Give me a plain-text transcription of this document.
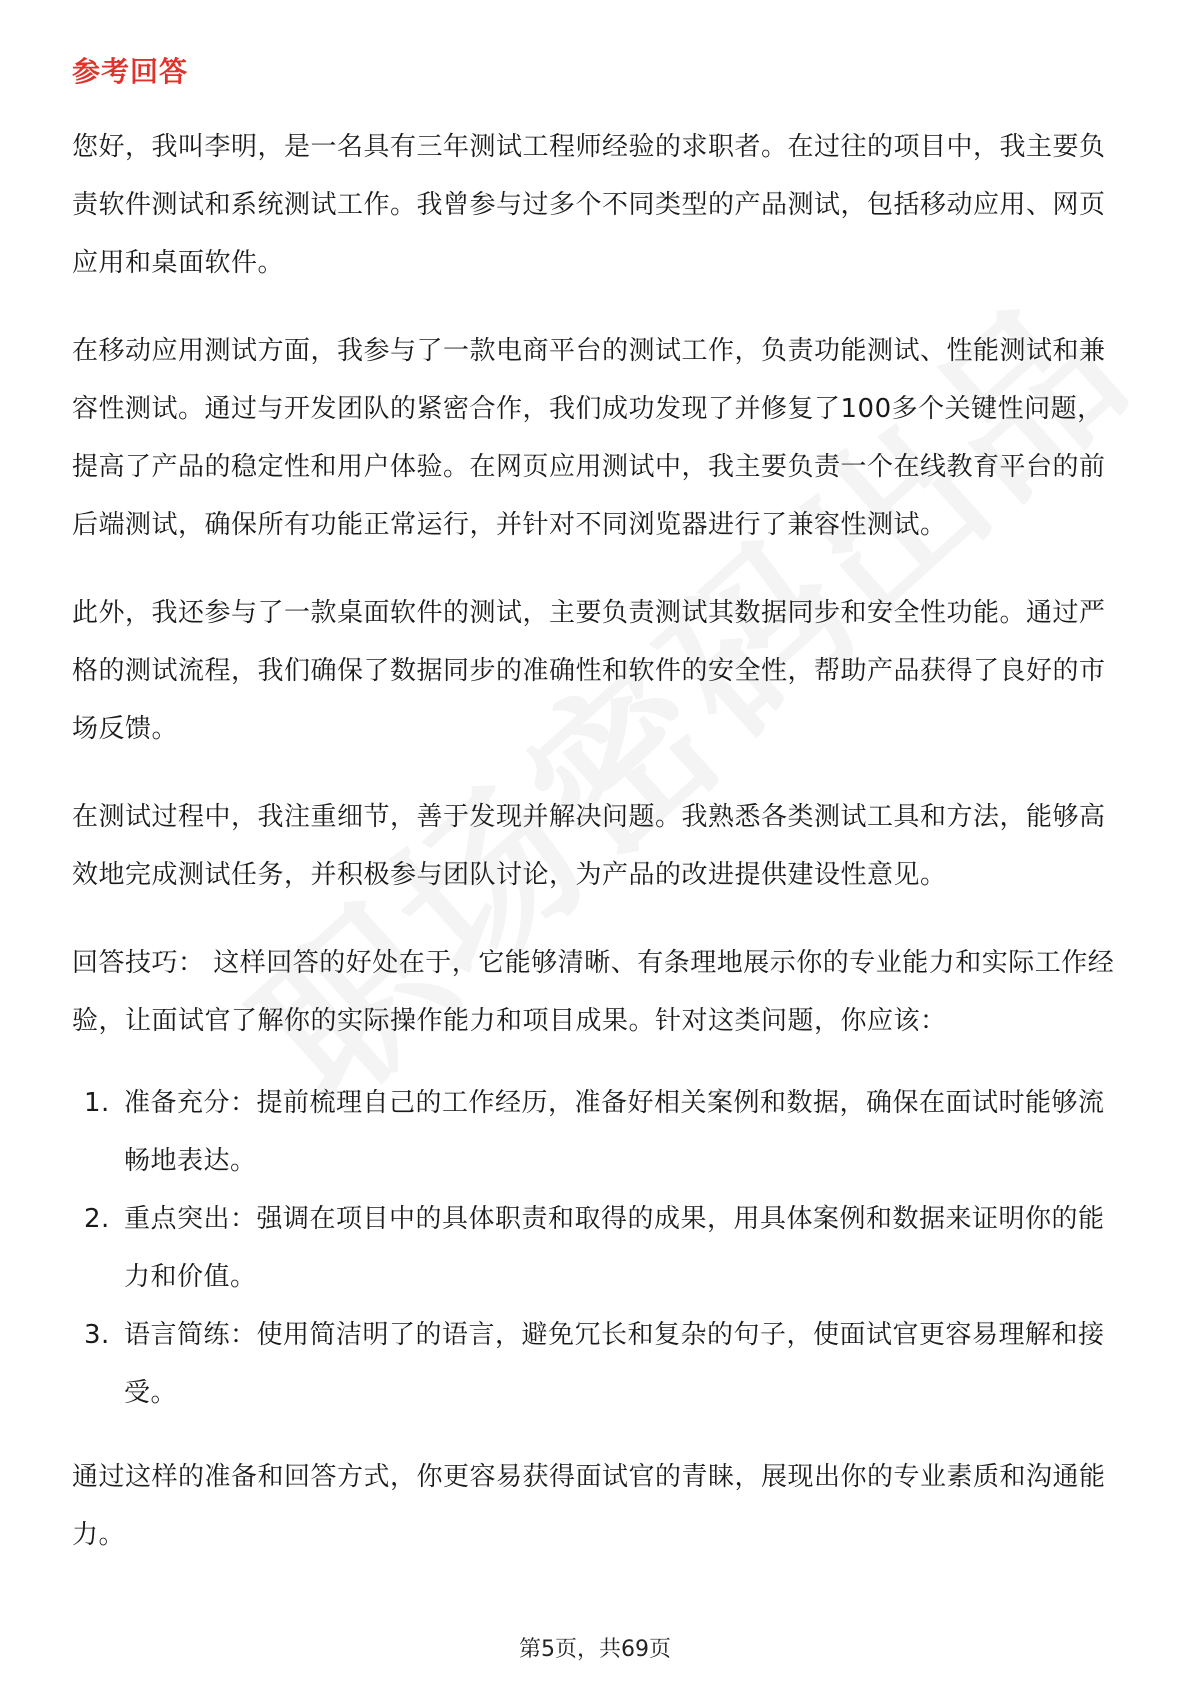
参考回答

您好，我叫李明，是一名具有三年测试工程师经验的求职者。在过往的项目中，我主要负责软件测试和系统测试工作。我曾参与过多个不同类型的产品测试，包括移动应用、网页应用和桌面软件。

在移动应用测试方面，我参与了一款电商平台的测试工作，负责功能测试、性能测试和兼容性测试。通过与开发团队的紧密合作，我们成功发现了并修复了100多个关键性问题，提高了产品的稳定性和用户体验。在网页应用测试中，我主要负责一个在线教育平台的前后端测试，确保所有功能正常运行，并针对不同浏览器进行了兼容性测试。

此外，我还参与了一款桌面软件的测试，主要负责测试其数据同步和安全性功能。通过严格的测试流程，我们确保了数据同步的准确性和软件的安全性，帮助产品获得了良好的市场反馈。

在测试过程中，我注重细节，善于发现并解决问题。我熟悉各类测试工具和方法，能够高效地完成测试任务，并积极参与团队讨论，为产品的改进提供建设性意见。

回答技巧： 这样回答的好处在于，它能够清晰、有条理地展示你的专业能力和实际工作经验，让面试官了解你的实际操作能力和项目成果。针对这类问题，你应该：

1. 准备充分：提前梳理自己的工作经历，准备好相关案例和数据，确保在面试时能够流畅地表达。
2. 重点突出：强调在项目中的具体职责和取得的成果，用具体案例和数据来证明你的能力和价值。
3. 语言简练：使用简洁明了的语言，避免冗长和复杂的句子，使面试官更容易理解和接受。

通过这样的准备和回答方式，你更容易获得面试官的青睐，展现出你的专业素质和沟通能力。

第5页，共69页
